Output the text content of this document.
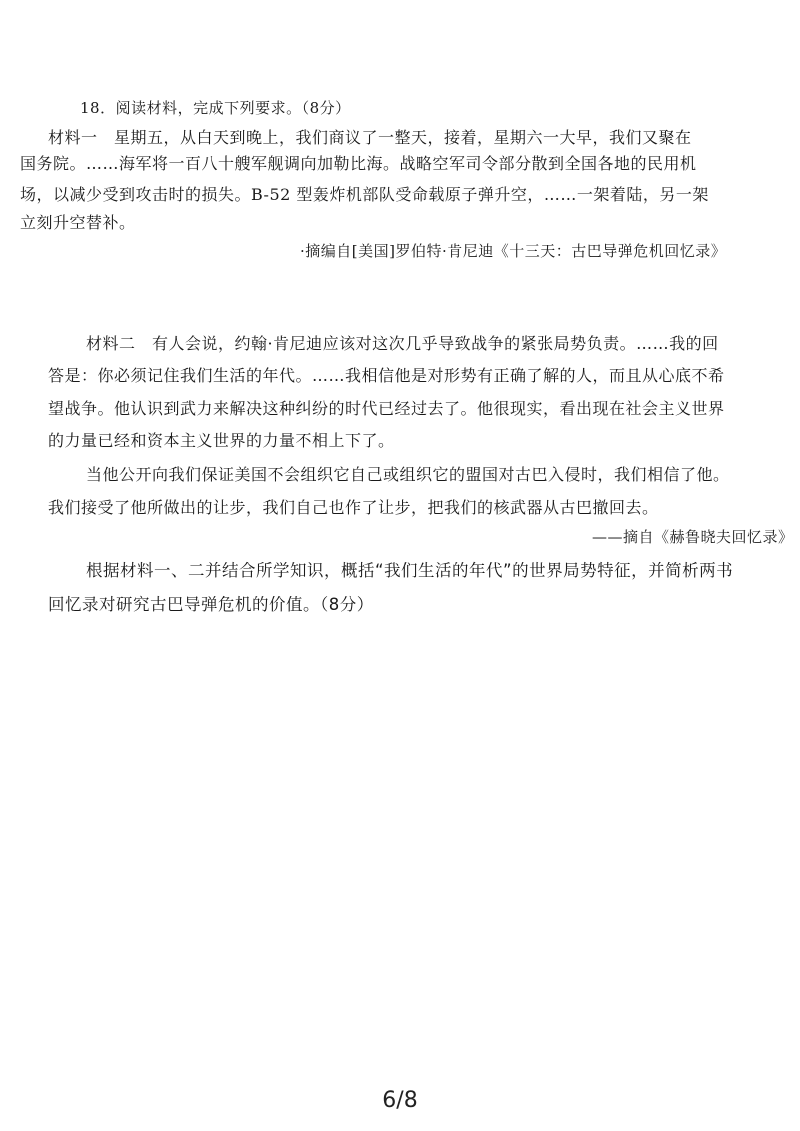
18．阅读材料，完成下列要求。（8分）
材料一　星期五，从白天到晚上，我们商议了一整天，接着，星期六一大早，我们又聚在
国务院。……海军将一百八十艘军舰调向加勒比海。战略空军司令部分散到全国各地的民用机
场，以减少受到攻击时的损失。B-52 型轰炸机部队受命载原子弹升空，……一架着陆，另一架
立刻升空替补。
·摘编自[美国]罗伯特·肯尼迪《十三天：古巴导弹危机回忆录》
材料二　有人会说，约翰·肯尼迪应该对这次几乎导致战争的紧张局势负责。……我的回
答是：你必须记住我们生活的年代。……我相信他是对形势有正确了解的人，而且从心底不希
望战争。他认识到武力来解决这种纠纷的时代已经过去了。他很现实，看出现在社会主义世界
的力量已经和资本主义世界的力量不相上下了。
当他公开向我们保证美国不会组织它自己或组织它的盟国对古巴入侵时，我们相信了他。
我们接受了他所做出的让步，我们自己也作了让步，把我们的核武器从古巴撤回去。
——摘自《赫鲁晓夫回忆录》
根据材料一、二并结合所学知识，概括“我们生活的年代”的世界局势特征，并简析两书
回忆录对研究古巴导弹危机的价值。（8分）
6/8
